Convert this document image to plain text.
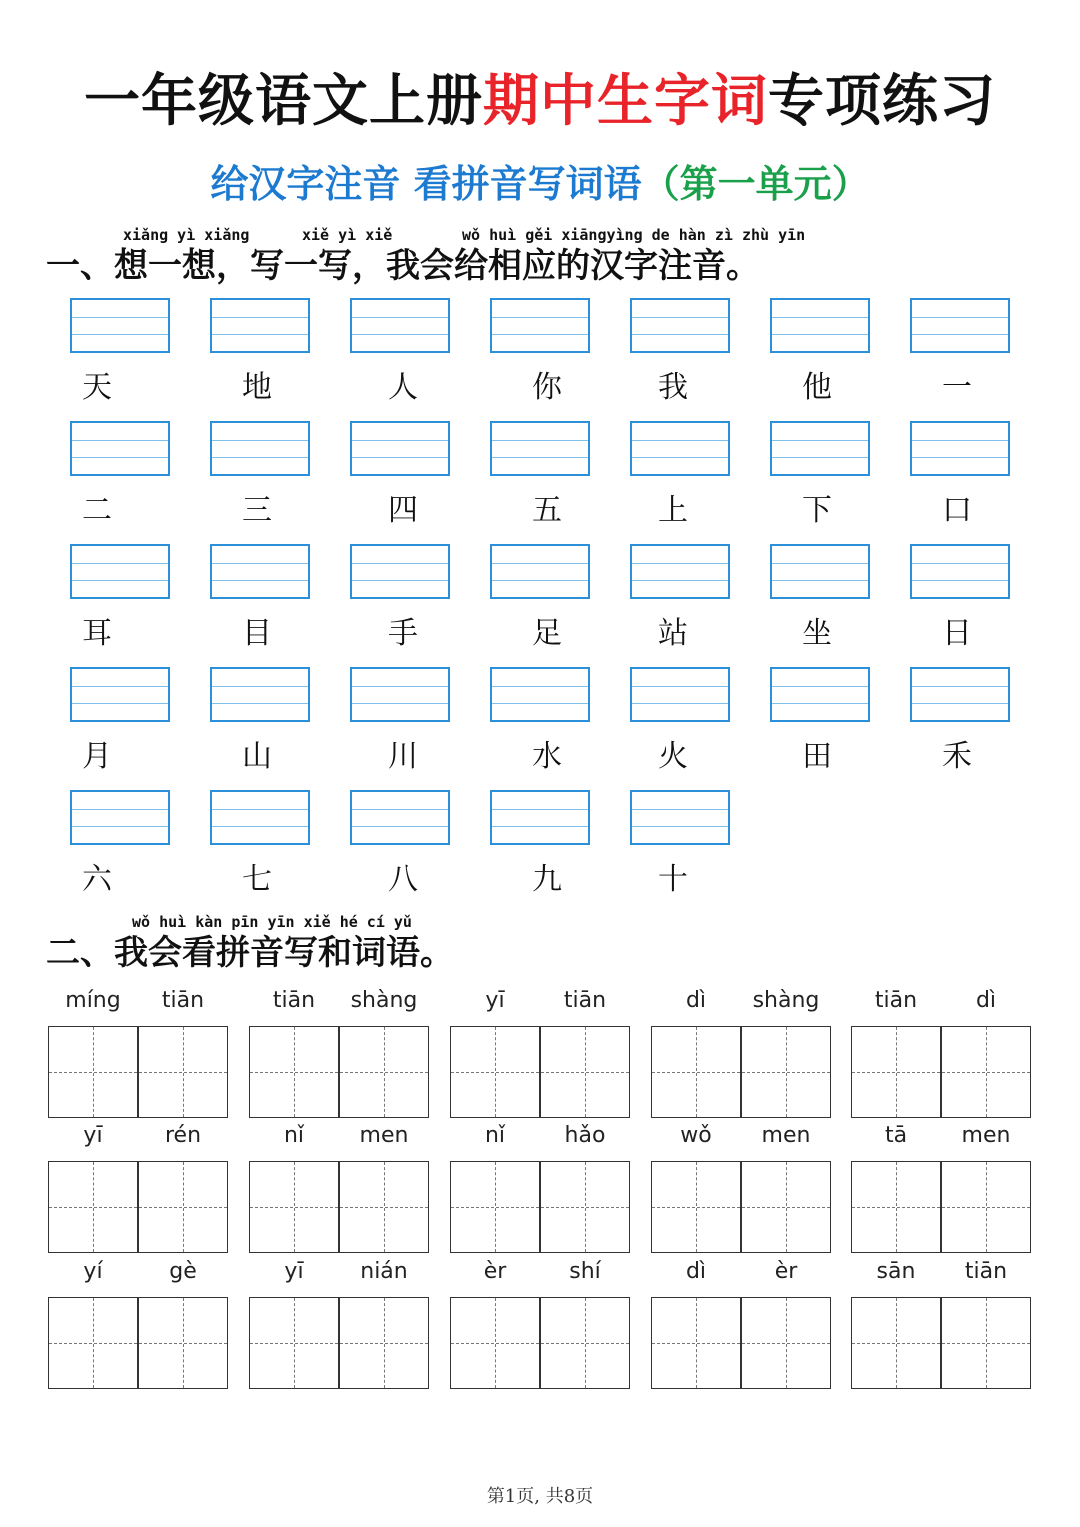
一年级语文上册期中生字词专项练习
给汉字注音 看拼音写词语（第一单元）
xiǎng yì xiǎng	xiě yì xiě	wǒ huì gěi xiāngyìng de hàn zì zhù yīn
一、想一想，写一写，我会给相应的汉字注音。
天	地	人	你	我	他	一
二	三	四	五	上	下	口
耳	目	手	足	站	坐	日
月	山	川	水	火	田	禾
六	七	八	九	十
wǒ huì kàn pīn yīn xiě hé cí yǔ
二、我会看拼音写和词语。
míng	tiān	tiān	shàng	yī	tiān	dì	shàng	tiān	dì
yī	rén	nǐ	men	nǐ	hǎo	wǒ	men	tā	men
yí	gè	yī	nián	èr	shí	dì	èr	sān	tiān
第1页, 共8页
